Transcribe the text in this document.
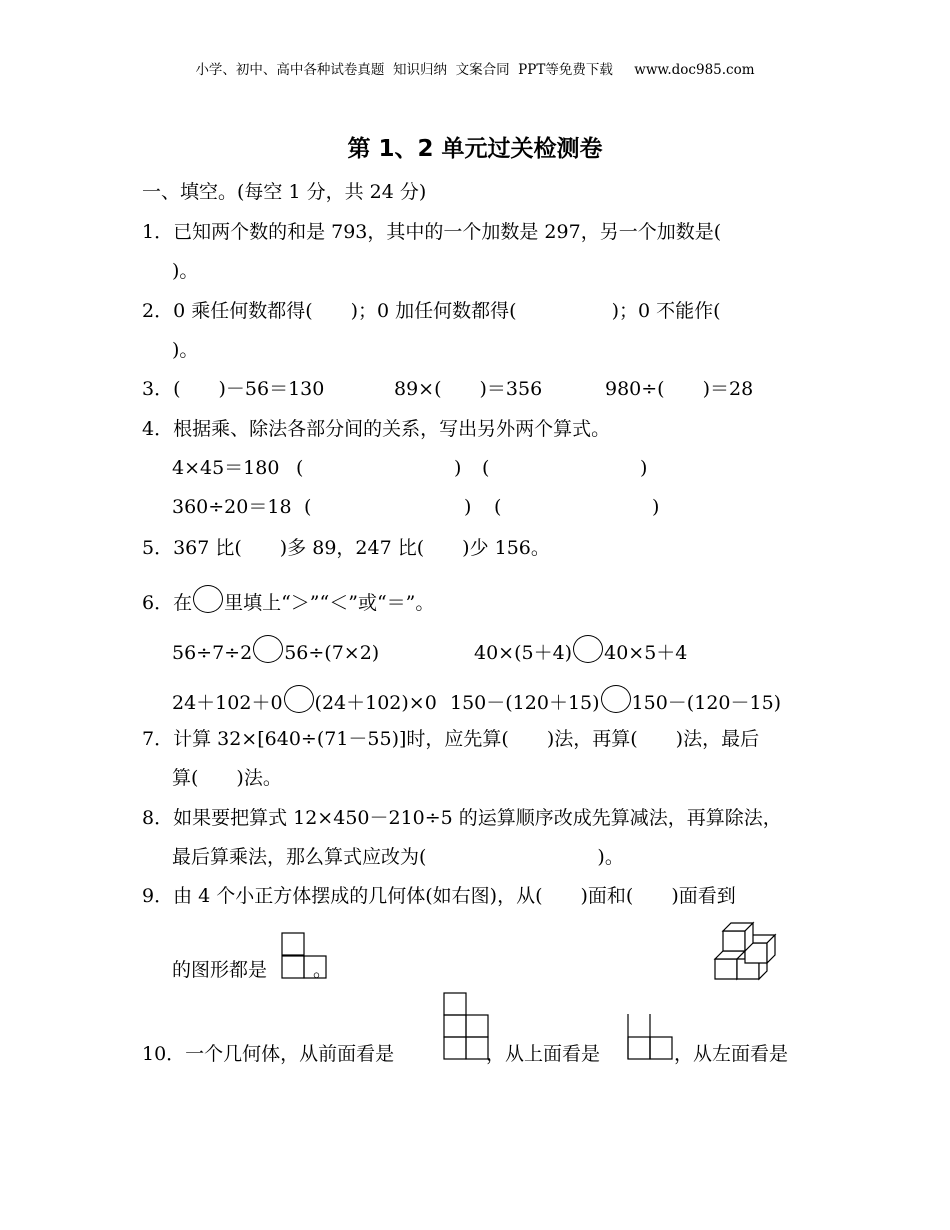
小学、初中、高中各种试卷真题  知识归纳  文案合同  PPT等免费下载     www.doc985.com
第 1、2 单元过关检测卷
一、填空。(每空 1 分，共 24 分)
1．已知两个数的和是 793，其中的一个加数是 297，另一个加数是(
)。
2．0 乘任何数都得(　　)；0 加任何数都得(　　　　　)；0 不能作(
)。
3．(　　)－56＝130	89×(　　)＝356	980÷(　　)＝28
4．根据乘、除法各部分间的关系，写出另外两个算式。
4×45＝180 (	) (	)
360÷20＝18 (	) (	)
5．367 比(　　)多 89，247 比(　　)少 156。
6．在 里填上“＞”“＜”或“＝”。
56÷7÷2 56÷(7×2)	40×(5＋4) 40×5＋4
24＋102＋0 (24＋102)×0 150－(120＋15) 150－(120－15)
7．计算 32×[640÷(71－55)]时，应先算(　　)法，再算(　　)法，最后
算(　　)法。
8．如果要把算式 12×450－210÷5 的运算顺序改成先算减法，再算除法，
最后算乘法，那么算式应改为(　　　　　　　　　)。
9．由 4 个小正方体摆成的几何体(如右图)，从(　　)面和(　　)面看到
的图形都是 。
10．一个几何体，从前面看是	，从上面看是	，从左面看是
